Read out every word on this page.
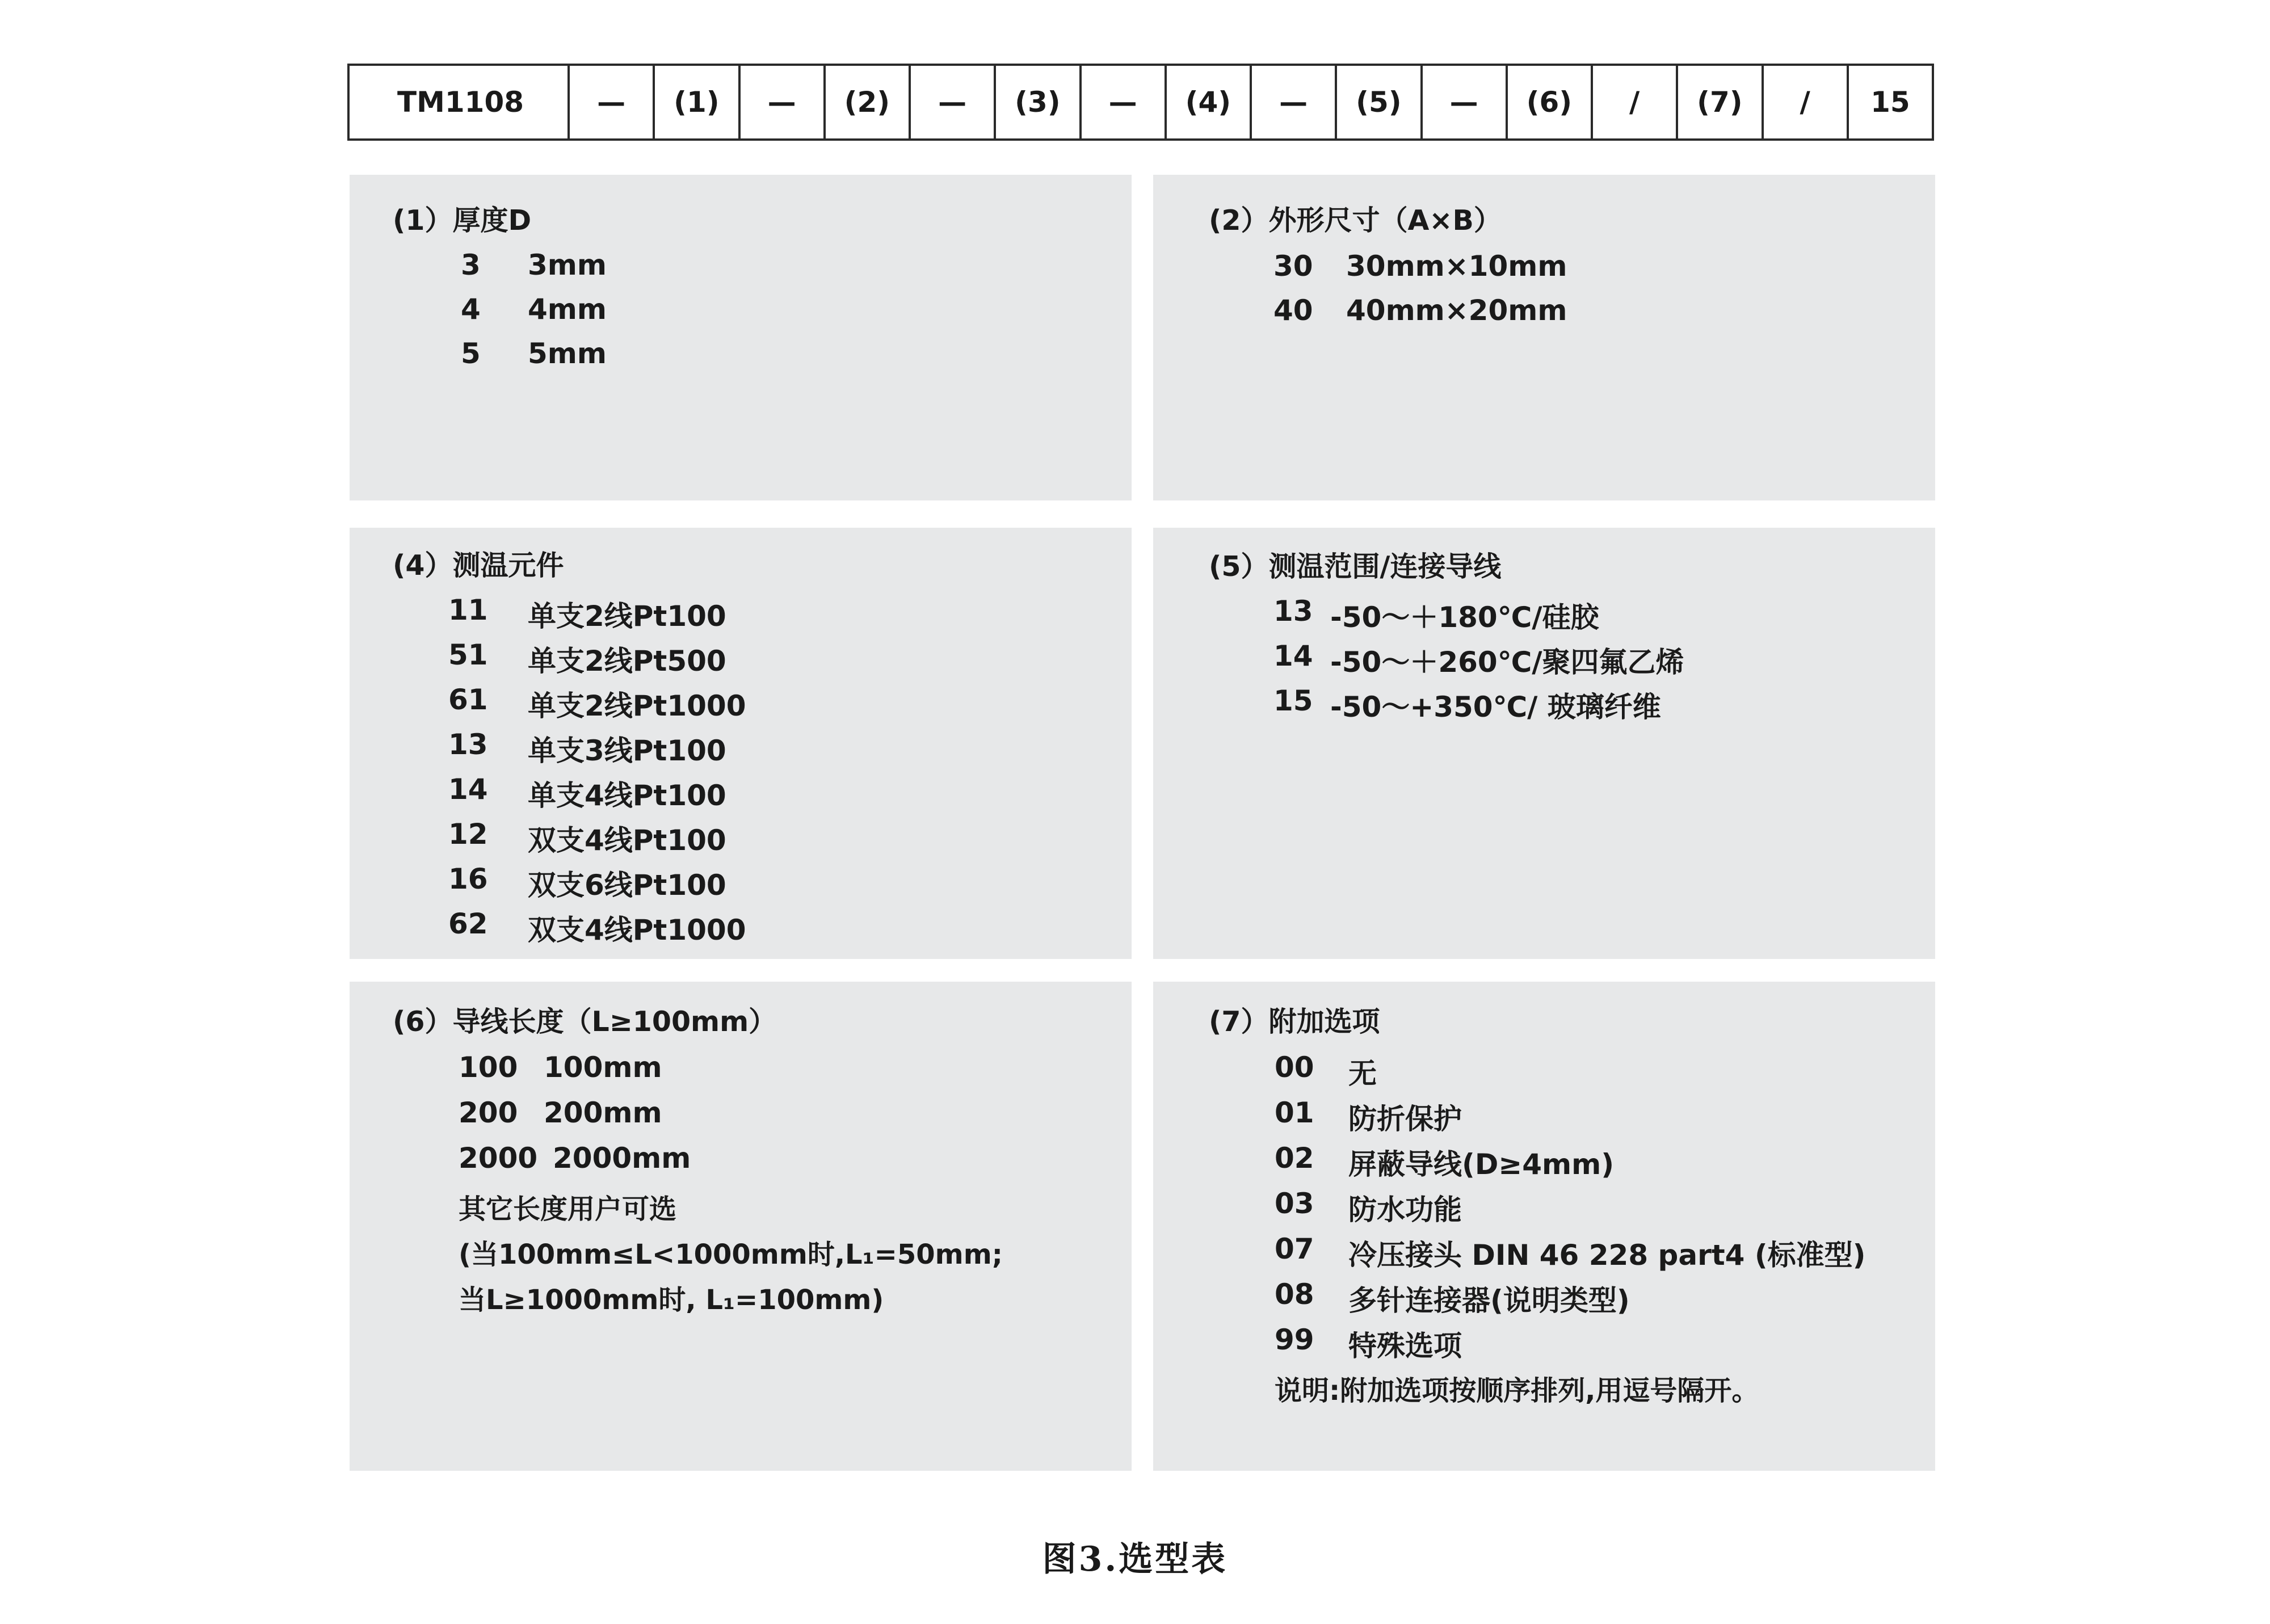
TM1108	—	(1)	—	(2)	—	(3)	—	(4)	—	(5)	—	(6)	/	(7)	/	15
(1）厚度D
3 3mm
4 4mm
5 5mm
(2）外形尺寸（A×B）
30 30mm×10mm
40 40mm×20mm
(4）测温元件
11 单支2线Pt100
51 单支2线Pt500
61 单支2线Pt1000
13 单支3线Pt100
14 单支4线Pt100
12 双支4线Pt100
16 双支6线Pt100
62 双支4线Pt1000
(5）测温范围/连接导线
13 -50～＋180℃/硅胶
14 -50～＋260℃/聚四氟乙烯
15 -50～+350℃/ 玻璃纤维
(6）导线长度（L≥100mm）
100 100mm
200 200mm
2000 2000mm
其它长度用户可选
(当100mm≤L<1000mm时,L₁=50mm;
当L≥1000mm时, L₁=100mm)
(7）附加选项
00 无
01 防折保护
02 屏蔽导线(D≥4mm)
03 防水功能
07 冷压接头 DIN 46 228 part4 (标准型)
08 多针连接器(说明类型)
99 特殊选项
说明:附加选项按顺序排列,用逗号隔开。
图3.选型表
